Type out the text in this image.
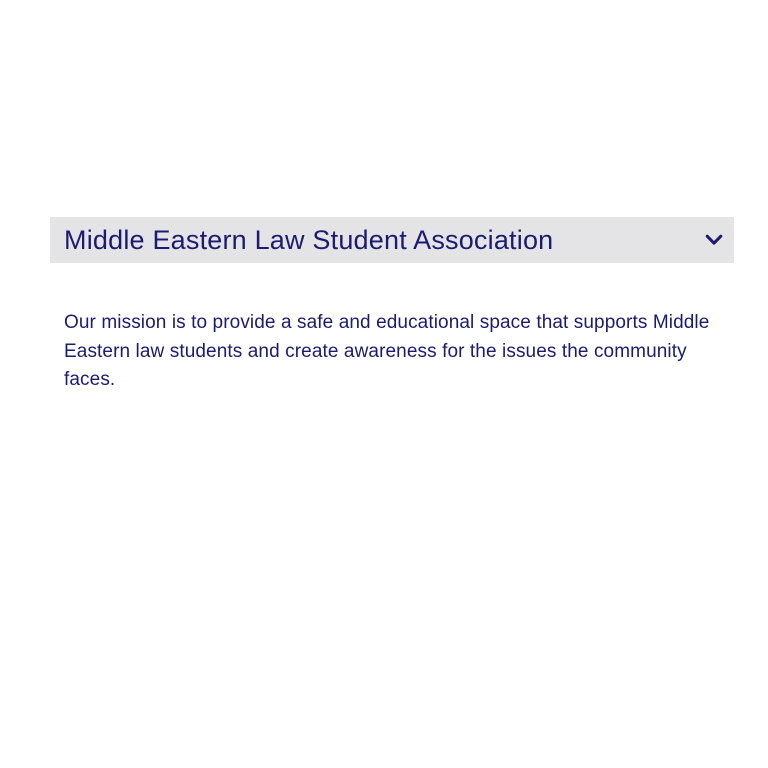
Middle Eastern Law Student Association
Our mission is to provide a safe and educational space that supports Middle
Eastern law students and create awareness for the issues the community
faces.
